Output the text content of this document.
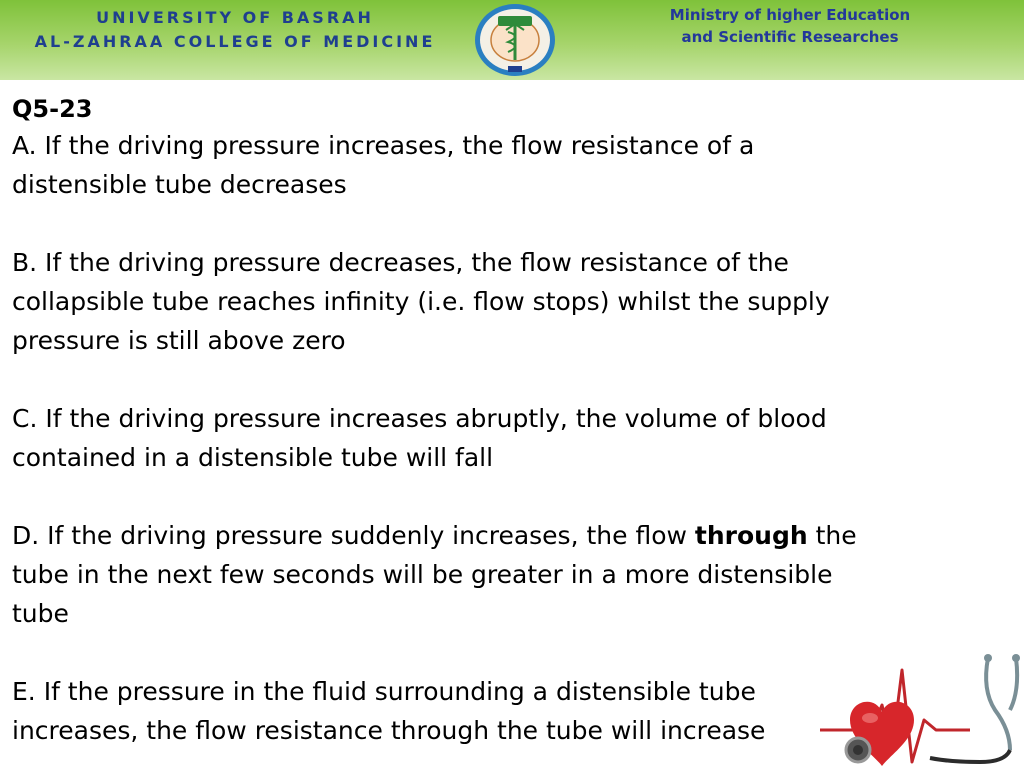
UNIVERSITY OF BASRAH
AL-ZAHRAA COLLEGE OF MEDICINE
Ministry of higher Education
and Scientific Researches
Q5-23
A. If the driving pressure increases, the flow resistance of a distensible tube decreases
B. If the driving pressure decreases, the flow resistance of the collapsible tube reaches infinity (i.e. flow stops) whilst the supply pressure is still above zero
C. If the driving pressure increases abruptly, the volume of blood contained in a distensible tube will fall
D. If the driving pressure suddenly increases, the flow through the tube in the next few seconds will be greater in a more distensible tube
E. If the pressure in the fluid surrounding a distensible tube increases, the flow resistance through the tube will increase
